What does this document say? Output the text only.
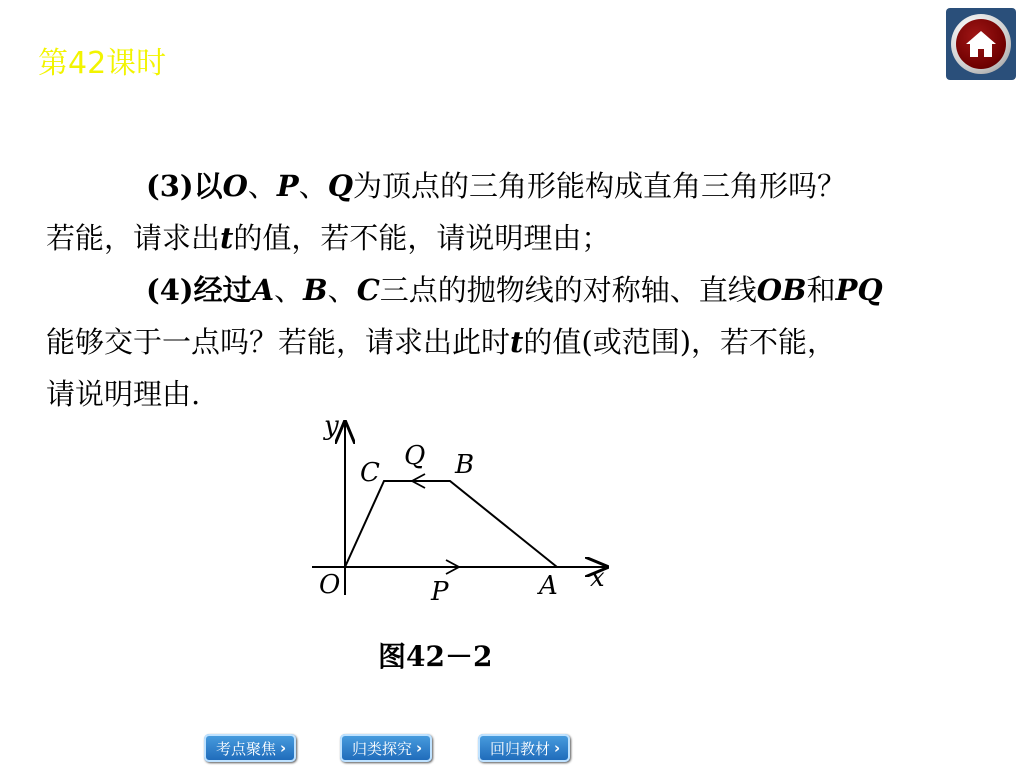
第42课时

(3)以O、P、Q为顶点的三角形能构成直角三角形吗？

若能，请求出t的值，若不能，请说明理由；

(4)经过A、B、C三点的抛物线的对称轴、直线OB和PQ

能够交于一点吗？若能，请求出此时t的值(或范围)，若不能，

请说明理由.

y
C
Q B
O	P	A x
图42－2
考点聚焦 ›	归类探究 ›	回归教材 ›
